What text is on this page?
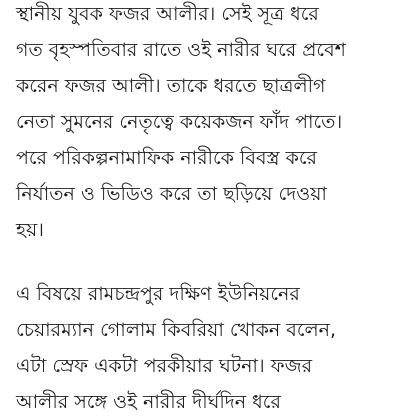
স্থানীয় যুবক ফজর আলীর। সেই সূত্র ধরে
গত বৃহস্পতিবার রাতে ওই নারীর ঘরে প্রবেশ
করেন ফজর আলী। তাকে ধরতে ছাত্রলীগ
নেতা সুমনের নেতৃত্বে কয়েকজন ফাঁদ পাতে।
পরে পরিকল্পনামাফিক নারীকে বিবস্ত্র করে
নির্যাতন ও ভিডিও করে তা ছড়িয়ে দেওয়া
হয়।

এ বিষয়ে রামচন্দ্রপুর দক্ষিণ ইউনিয়নের
চেয়ারম্যান গোলাম কিবরিয়া খোকন বলেন,
এটা স্রেফ একটা পরকীয়ার ঘটনা। ফজর
আলীর সঙ্গে ওই নারীর দীর্ঘদিন ধরে
